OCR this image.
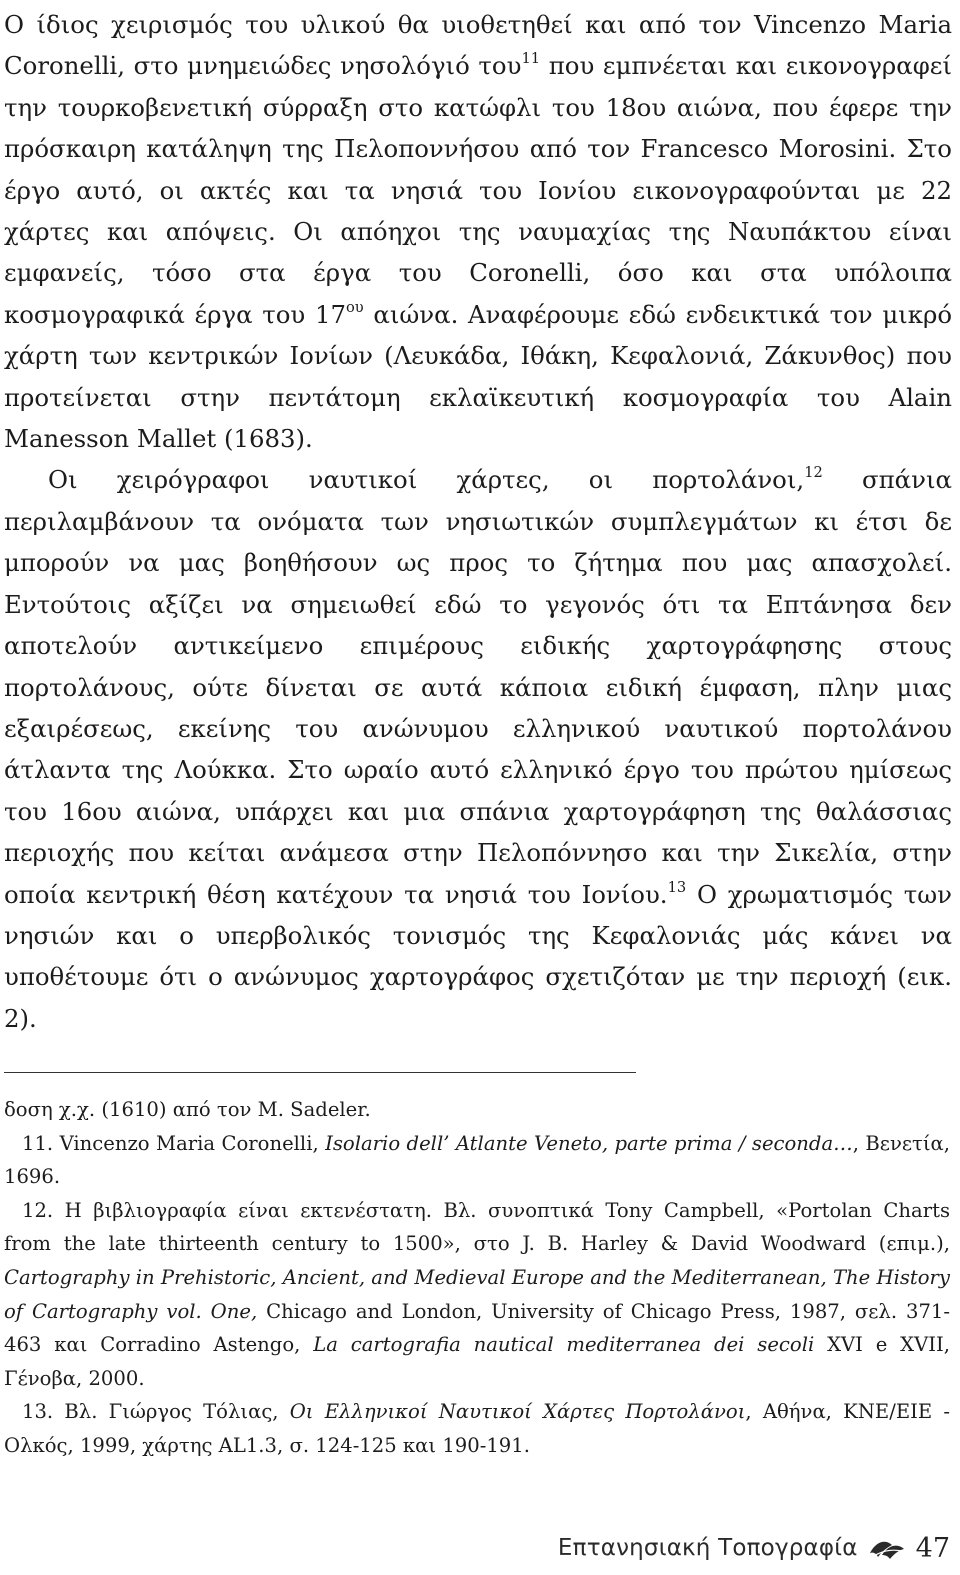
Ο ίδιος χειρισμός του υλικού θα υιοθετηθεί και από τον Vincenzo Maria Coronelli, στο μνημειώδες νησολόγιό του$^{11}$ που εμπνέεται και εικονογραφεί την τουρκοβενετική σύρραξη στο κατώφλι του 18ου αιώνα, που έφερε την πρόσκαιρη κατάληψη της Πελοποννήσου από τον Francesco Morosini. Στο έργο αυτό, οι ακτές και τα νησιά του Ιονίου εικονογραφούνται με 22 χάρτες και απόψεις. Οι απόηχοι της ναυμαχίας της Ναυπάκτου είναι εμφανείς, τόσο στα έργα του Coronelli, όσο και στα υπόλοιπα κοσμογραφικά έργα του $17^{o\upsilon}$ αιώνα. Αναφέρουμε εδώ ενδεικτικά τον μικρό χάρτη των κεντρικών Ιονίων (Λευκάδα, Ιθάκη, Κεφαλονιά, Ζάκυνθος) που προτείνεται στην πεντάτομη εκλαϊκευτική κοσμογραφία του Alain Manesson Mallet (1683).

Οι χειρόγραφοι ναυτικοί χάρτες, οι πορτολάνοι,$^{12}$ σπάνια περιλαμβάνουν τα ονόματα των νησιωτικών συμπλεγμάτων κι έτσι δε μπορούν να μας βοηθήσουν ως προς το ζήτημα που μας απασχολεί. Εντούτοις αξίζει να σημειωθεί εδώ το γεγονός ότι τα Επτάνησα δεν αποτελούν αντικείμενο επιμέρους ειδικής χαρτογράφησης στους πορτολάνους, ούτε δίνεται σε αυτά κάποια ειδική έμφαση, πλην μιας εξαιρέσεως, εκείνης του ανώνυμου ελληνικού ναυτικού πορτολάνου άτλαντα της Λούκκα. Στο ωραίο αυτό ελληνικό έργο του πρώτου ημίσεως του 16ου αιώνα, υπάρχει και μια σπάνια χαρτογράφηση της θαλάσσιας περιοχής που κείται ανάμεσα στην Πελοπόννησο και την Σικελία, στην οποία κεντρική θέση κατέχουν τα νησιά του Ιονίου.$^{13}$ Ο χρωματισμός των νησιών και ο υπερβολικός τονισμός της Κεφαλονιάς μάς κάνει να υποθέτουμε ότι ο ανώνυμος χαρτογράφος σχετιζόταν με την περιοχή (εικ. 2).

δοση χ.χ. (1610) από τον M. Sadeler.

11. Vincenzo Maria Coronelli, Isolario dell’ Atlante Veneto, parte prima / seconda…, Βενετία, 1696.

12. Η βιβλιογραφία είναι εκτενέστατη. Βλ. συνοπτικά Tony Campbell, «Portolan Charts from the late thirteenth century to 1500», στο J. B. Harley & David Woodward (επιμ.), Cartography in Prehistoric, Ancient, and Medieval Europe and the Mediterranean, The History of Cartography vol. One, Chicago and London, University of Chicago Press, 1987, σελ. 371-463 και Corradino Astengo, La cartografia nautical mediterranea dei secoli XVI e XVII, Γένοβα, 2000.

13. Βλ. Γιώργος Τόλιας, Οι Ελληνικοί Ναυτικοί Χάρτες Πορτολάνοι, Αθήνα, ΚΝΕ/ΕΙΕ - Ολκός, 1999, χάρτης AL1.3, σ. 124-125 και 190-191.

Επτανησιακή Τοπογραφία 47
